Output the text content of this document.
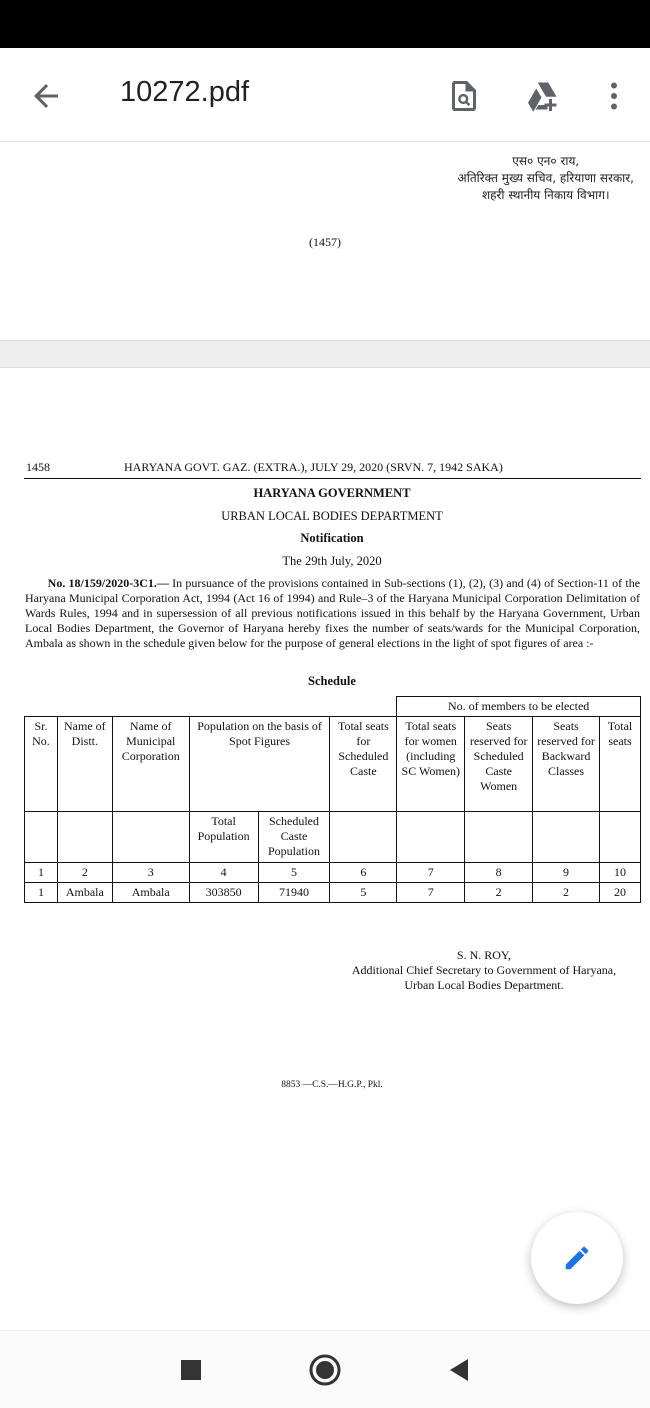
10272.pdf
एस० एन० राय,
अतिरिक्त मुख्य सचिव, हरियाणा सरकार,
शहरी स्थानीय निकाय विभाग।
(1457)
1458	HARYANA GOVT. GAZ. (EXTRA.), JULY 29, 2020 (SRVN. 7, 1942 SAKA)
HARYANA GOVERNMENT
URBAN LOCAL BODIES DEPARTMENT
Notification
The 29th July, 2020
No. 18/159/2020-3C1.— In pursuance of the provisions contained in Sub-sections (1), (2), (3) and (4) of Section-11 of the Haryana Municipal Corporation Act, 1994 (Act 16 of 1994) and Rule–3 of the Haryana Municipal Corporation Delimitation of Wards Rules, 1994 and in supersession of all previous notifications issued in this behalf by the Haryana Government, Urban Local Bodies Department, the Governor of Haryana hereby fixes the number of seats/wards for the Municipal Corporation, Ambala as shown in the schedule given below for the purpose of general elections in the light of spot figures of area :-
Schedule
						No. of members to be elected			
Sr. No.	Name of Distt.	Name of Municipal Corporation	Population on the basis of Spot Figures		Total seats for Scheduled Caste	Total seats for women (including SC Women)	Seats reserved for Scheduled Caste Women	Seats reserved for Backward Classes	Total seats
			Total Population	Scheduled Caste Population					
1	2	3	4	5	6	7	8	9	10
1	Ambala	Ambala	303850	71940	5	7	2	2	20
S. N. ROY,
Additional Chief Secretary to Government of Haryana,
Urban Local Bodies Department.
8853 —C.S.—H.G.P., Pkl.
